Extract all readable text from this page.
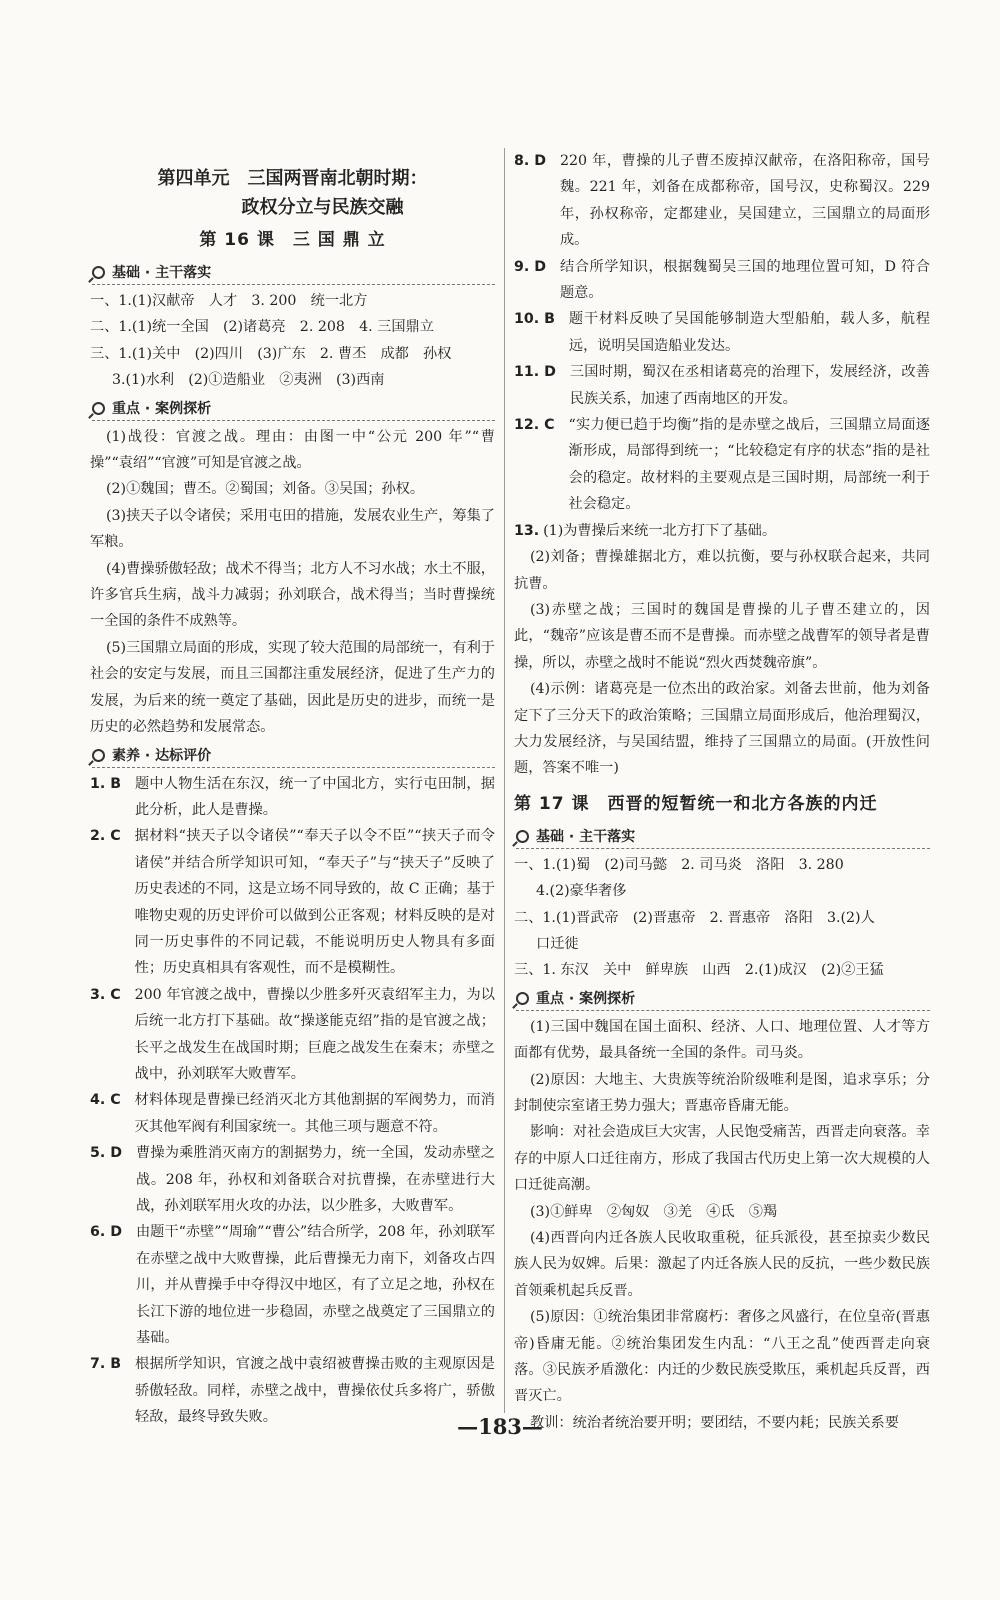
第四单元　三国两晋南北朝时期：
政权分立与民族交融
第 16 课　三 国 鼎 立
基础 · 主干落实

一、1.(1)汉献帝　人才　3. 200　统一北方

二、1.(1)统一全国　(2)诸葛亮　2. 208　4. 三国鼎立

三、1.(1)关中　(2)四川　(3)广东　2. 曹丕　成都　孙权

3.(1)水利　(2)①造船业　②夷洲　(3)西南

重点 · 案例探析

(1)战役：官渡之战。理由：由图一中“公元 200 年”“曹操”“袁绍”“官渡”可知是官渡之战。

(2)①魏国；曹丕。②蜀国；刘备。③吴国；孙权。

(3)挟天子以令诸侯；采用屯田的措施，发展农业生产，筹集了军粮。

(4)曹操骄傲轻敌；战术不得当；北方人不习水战；水土不服，许多官兵生病，战斗力减弱；孙刘联合，战术得当；当时曹操统一全国的条件不成熟等。

(5)三国鼎立局面的形成，实现了较大范围的局部统一，有利于社会的安定与发展，而且三国都注重发展经济，促进了生产力的发展，为后来的统一奠定了基础，因此是历史的进步，而统一是历史的必然趋势和发展常态。

素养 · 达标评价
1. B 题中人物生活在东汉，统一了中国北方，实行屯田制，据此分析，此人是曹操。
2. C 据材料“挟天子以令诸侯”“奉天子以令不臣”“挟天子而令诸侯”并结合所学知识可知，“奉天子”与“挟天子”反映了历史表述的不同，这是立场不同导致的，故 C 正确；基于唯物史观的历史评价可以做到公正客观；材料反映的是对同一历史事件的不同记载，不能说明历史人物具有多面性；历史真相具有客观性，而不是模糊性。
3. C 200 年官渡之战中，曹操以少胜多歼灭袁绍军主力，为以后统一北方打下基础。故“操遂能克绍”指的是官渡之战；长平之战发生在战国时期；巨鹿之战发生在秦末；赤壁之战中，孙刘联军大败曹军。
4. C 材料体现是曹操已经消灭北方其他割据的军阀势力，而消灭其他军阀有利国家统一。其他三项与题意不符。
5. D 曹操为乘胜消灭南方的割据势力，统一全国，发动赤壁之战。208 年，孙权和刘备联合对抗曹操，在赤壁进行大战，孙刘联军用火攻的办法，以少胜多，大败曹军。
6. D 由题干“赤壁”“周瑜”“曹公”结合所学，208 年，孙刘联军在赤壁之战中大败曹操，此后曹操无力南下，刘备攻占四川，并从曹操手中夺得汉中地区，有了立足之地，孙权在长江下游的地位进一步稳固，赤壁之战奠定了三国鼎立的基础。
7. B 根据所学知识，官渡之战中袁绍被曹操击败的主观原因是骄傲轻敌。同样，赤壁之战中，曹操依仗兵多将广，骄傲轻敌，最终导致失败。
8. D 220 年，曹操的儿子曹丕废掉汉献帝，在洛阳称帝，国号魏。221 年，刘备在成都称帝，国号汉，史称蜀汉。229 年，孙权称帝，定都建业，吴国建立，三国鼎立的局面形成。
9. D 结合所学知识，根据魏蜀吴三国的地理位置可知，D 符合题意。
10. B 题干材料反映了吴国能够制造大型船舶，载人多，航程远，说明吴国造船业发达。
11. D 三国时期，蜀汉在丞相诸葛亮的治理下，发展经济，改善民族关系，加速了西南地区的开发。
12. C “实力便已趋于均衡”指的是赤壁之战后，三国鼎立局面逐渐形成，局部得到统一；“比较稳定有序的状态”指的是社会的稳定。故材料的主要观点是三国时期，局部统一利于社会稳定。
13. (1)为曹操后来统一北方打下了基础。

(2)刘备；曹操雄据北方，难以抗衡，要与孙权联合起来，共同抗曹。

(3)赤壁之战；三国时的魏国是曹操的儿子曹丕建立的，因此，“魏帝”应该是曹丕而不是曹操。而赤壁之战曹军的领导者是曹操，所以，赤壁之战时不能说“烈火西焚魏帝旗”。

(4)示例：诸葛亮是一位杰出的政治家。刘备去世前，他为刘备定下了三分天下的政治策略；三国鼎立局面形成后，他治理蜀汉，大力发展经济，与吴国结盟，维持了三国鼎立的局面。(开放性问题，答案不唯一)

第 17 课　西晋的短暂统一和北方各族的内迁
基础 · 主干落实

一、1.(1)蜀　(2)司马懿　2. 司马炎　洛阳　3. 280

4.(2)豪华奢侈

二、1.(1)晋武帝　(2)晋惠帝　2. 晋惠帝　洛阳　3.(2)人

口迁徙

三、1. 东汉　关中　鲜卑族　山西　2.(1)成汉　(2)②王猛

重点 · 案例探析

(1)三国中魏国在国土面积、经济、人口、地理位置、人才等方面都有优势，最具备统一全国的条件。司马炎。

(2)原因：大地主、大贵族等统治阶级唯利是图，追求享乐；分封制使宗室诸王势力强大；晋惠帝昏庸无能。

影响：对社会造成巨大灾害，人民饱受痛苦，西晋走向衰落。幸存的中原人口迁往南方，形成了我国古代历史上第一次大规模的人口迁徙高潮。

(3)①鲜卑　②匈奴　③羌　④氐　⑤羯

(4)西晋向内迁各族人民收取重税，征兵派役，甚至掠卖少数民族人民为奴婢。后果：激起了内迁各族人民的反抗，一些少数民族首领乘机起兵反晋。

(5)原因：①统治集团非常腐朽：奢侈之风盛行，在位皇帝(晋惠帝)昏庸无能。②统治集团发生内乱：“八王之乱”使西晋走向衰落。③民族矛盾激化：内迁的少数民族受欺压，乘机起兵反晋，西晋灭亡。

教训：统治者统治要开明；要团结，不要内耗；民族关系要

—183—
